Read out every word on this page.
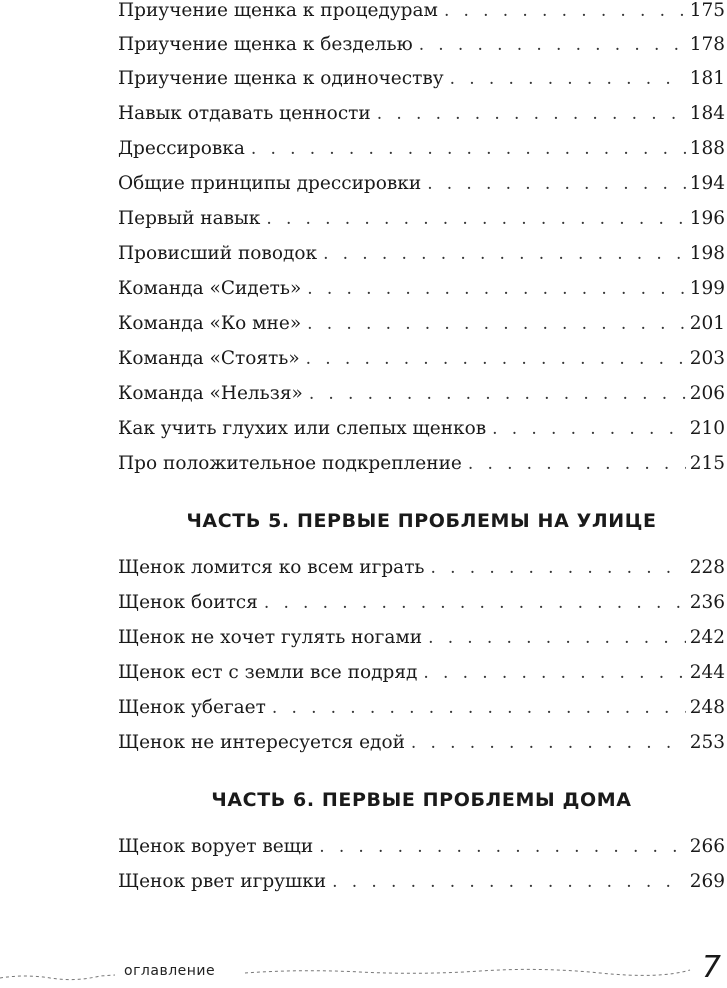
Приучение щенка к процедурам . . .	175
Приучение щенка к безделью . . .	178
Приучение щенка к одиночеству . . .	181
Навык отдавать ценности . . .	184
Дрессировка . . .	188
Общие принципы дрессировки . . .	194
Первый навык . . .	196
Провисший поводок . . .	198
Команда «Сидеть» . . .	199
Команда «Ко мне» . . .	201
Команда «Стоять» . . .	203
Команда «Нельзя» . . .	206
Как учить глухих или слепых щенков . . .	210
Про положительное подкрепление . . .	215
ЧАСТЬ 5. ПЕРВЫЕ ПРОБЛЕМЫ НА УЛИЦЕ
Щенок ломится ко всем играть . . .	228
Щенок боится . . .	236
Щенок не хочет гулять ногами . . .	242
Щенок ест с земли все подряд . . .	244
Щенок убегает . . .	248
Щенок не интересуется едой . . .	253
ЧАСТЬ 6. ПЕРВЫЕ ПРОБЛЕМЫ ДОМА
Щенок ворует вещи . . .	266
Щенок рвет игрушки . . .	269
оглавление	7
